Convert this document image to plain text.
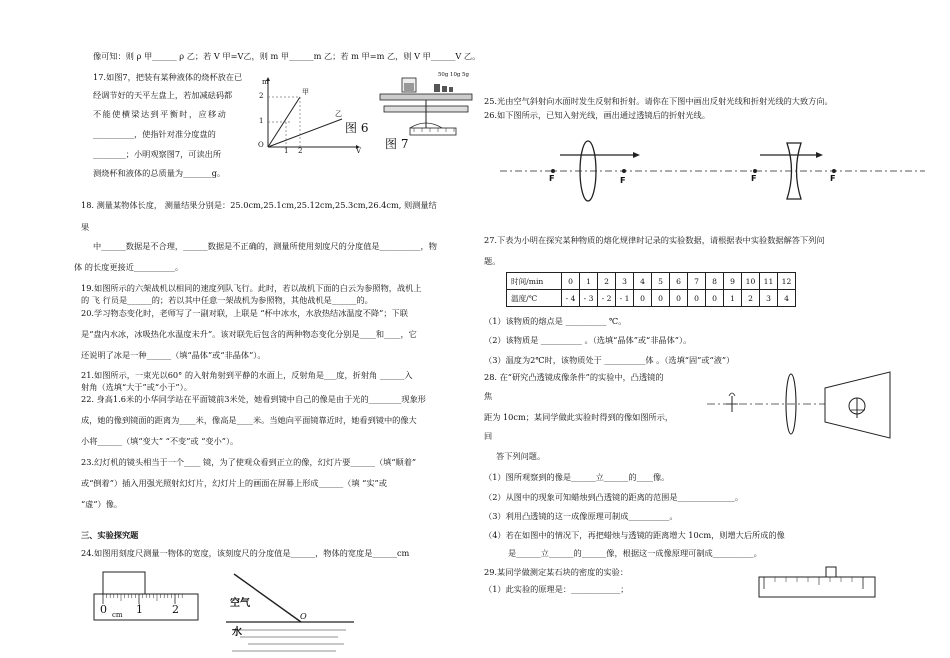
像可知：则 ρ 甲______ ρ 乙；若 V 甲=V乙，则 m 甲______m 乙；若 m 甲=m 乙，则 V 甲______V 乙。
17.如图7，把装有某种液体的烧杯放在已
经调节好的天平左盘上，若加减砝码都
不能使横梁达到平衡时，应移动
__________，使指针对准分度盘的
________；小明观察图7，可读出所
测烧杯和液体的总质量为_______g。
m
甲
乙
2
1
O
1 2	V
图 6
50g 10g 5g
图 7
18. 测量某物体长度， 测量结果分别是：25.0cm,25.1cm,25.12cm,25.3cm,26.4cm, 则测量结
果
中______数据是不合理，______数据是不正确的，测量所使用刻度尺的分度值是__________，物
体 的长度更接近__________。
19.如图所示的六架战机以相同的速度列队飞行。此时，若以战机下面的白云为参照物，战机上
的 飞 行员是______的；若以其中任意一架战机为参照物，其他战机是______的。
20.学习物态变化时，老师写了一副对联，上联是 “杯中冰水，水放热结冰温度不降”；下联
是“盘内水冰，冰吸热化水温度未升”。该对联先后包含的两种物态变化分别是____和____，它
还说明了冰是一种______（填“晶体”或“非晶体”）。
21.如图所示，一束光以60° 的入射角射到平静的水面上，反射角是___度，折射角 ______入
射角（选填“大于”或“小于”）。
22. 身高1.6米的小华同学站在平面镜前3米处，她看到镜中自己的像是由于光的________现象形
成，她的像到镜面的距离为____米，像高是____米。当她向平面镜靠近时，她看到镜中的像大
小将______（填“变大” “不变”或 “变小”）。
23.幻灯机的镜头相当于一个____ 镜，为了使观众看到正立的像，幻灯片要______（填“顺着”
或“倒着”）插入用强光照射幻灯片，幻灯片上的画面在屏幕上形成______（填 “实”或
“虚”）像。
三、实验探究题
24.如图用刻度尺测量一物体的宽度，该刻度尺的分度值是______，物体的宽度是______cm
0	1	2
cm
空气
水
O
25.光由空气斜射向水面时发生反射和折射。请你在下图中画出反射光线和折射光线的大致方向。
26.如下图所示，已知入射光线，画出通过透镜后的折射光线。
F	F	F	F
27.下表为小明在探究某种物质的熔化规律时记录的实验数据，请根据表中实验数据解答下列问
题。
时间/min	0	1	2	3	4	5	6	7	8	9	10	11	12
温度/℃	- 4	- 3	- 2	- 1	0	0	0	0	0	1	2	3	4
（1）该物质的熔点是 __________ ℃。
（2）该物质是 __________ 。（选填“晶体”或“非晶体”）。
（3）温度为2℃时，该物质处于 __________体 。（选填“固”或“液”）
28. 在“研究凸透镜成像条件”的实验中，凸透镜的
焦
距为 10cm；某同学做此实验时得到的像如图所示，
回
答下列问题。
（1）图所观察到的像是______立______的____像。
（2）从图中的现象可知蜡烛到凸透镜的距离的范围是______________。
（3）利用凸透镜的这一成像原理可制成__________。
（4）若在如图中的情况下，再把蜡烛与透镜的距离增大 10cm，则增大后所成的像
是______立______的______像，根据这一成像原理可制成__________。
29.某同学做测定某石块的密度的实验：
（1）此实验的原理是：____________；
